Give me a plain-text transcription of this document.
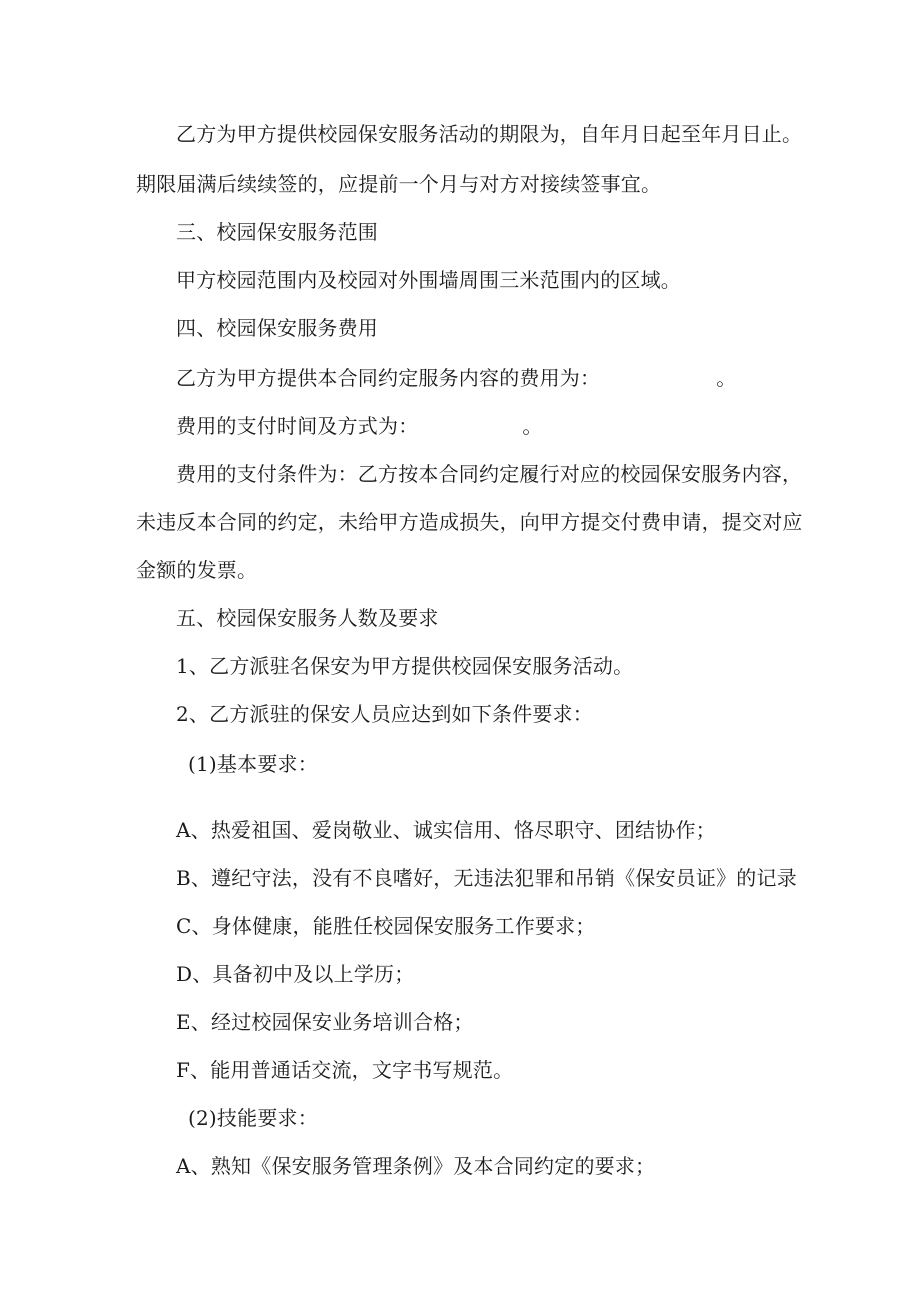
乙方为甲方提供校园保安服务活动的期限为，自年月日起至年月日止。
期限届满后续续签的，应提前一个月与对方对接续签事宜。
三、校园保安服务范围
甲方校园范围内及校园对外围墙周围三米范围内的区域。
四、校园保安服务费用
乙方为甲方提供本合同约定服务内容的费用为：	。
费用的支付时间及方式为：	。
费用的支付条件为：乙方按本合同约定履行对应的校园保安服务内容，
未违反本合同的约定，未给甲方造成损失，向甲方提交付费申请，提交对应
金额的发票。
五、校园保安服务人数及要求
1、乙方派驻名保安为甲方提供校园保安服务活动。
2、乙方派驻的保安人员应达到如下条件要求：
(1)基本要求：
A、热爱祖国、爱岗敬业、诚实信用、恪尽职守、团结协作；
B、遵纪守法，没有不良嗜好，无违法犯罪和吊销《保安员证》的记录
C、身体健康，能胜任校园保安服务工作要求；
D、具备初中及以上学历；
E、经过校园保安业务培训合格；
F、能用普通话交流，文字书写规范。
(2)技能要求：
A、熟知《保安服务管理条例》及本合同约定的要求；
